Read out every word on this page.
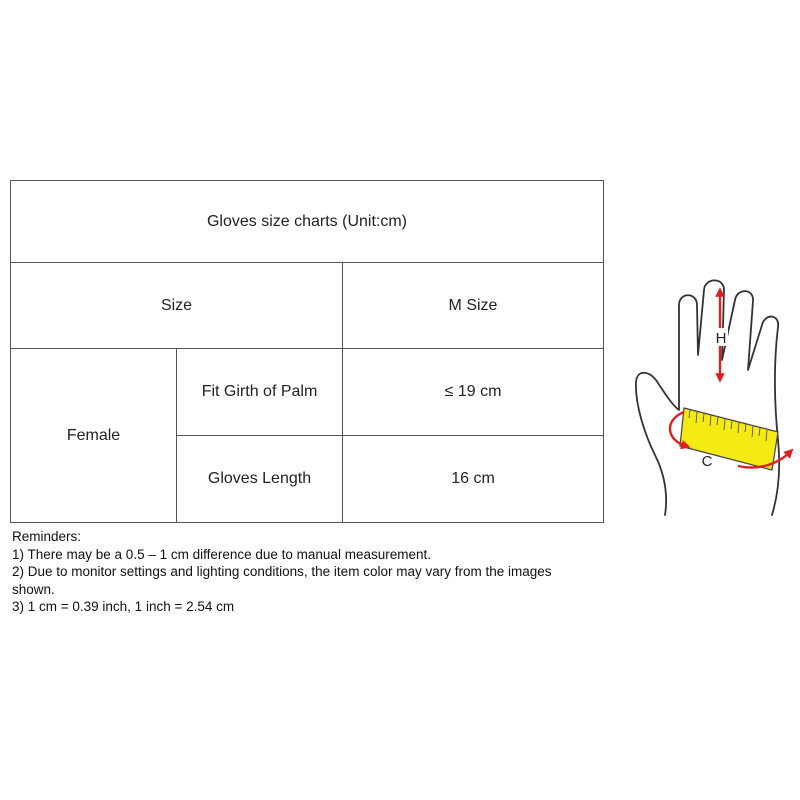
Gloves size charts (Unit:cm)		
Size		M Size
Female	Fit Girth of Palm	≤ 19 cm
	Gloves Length	16 cm
Reminders:
1) There may be a 0.5 – 1 cm difference due to manual measurement.
2) Due to monitor settings and lighting conditions, the item color may vary from the images shown.
3) 1 cm = 0.39 inch, 1 inch = 2.54 cm
H
C
